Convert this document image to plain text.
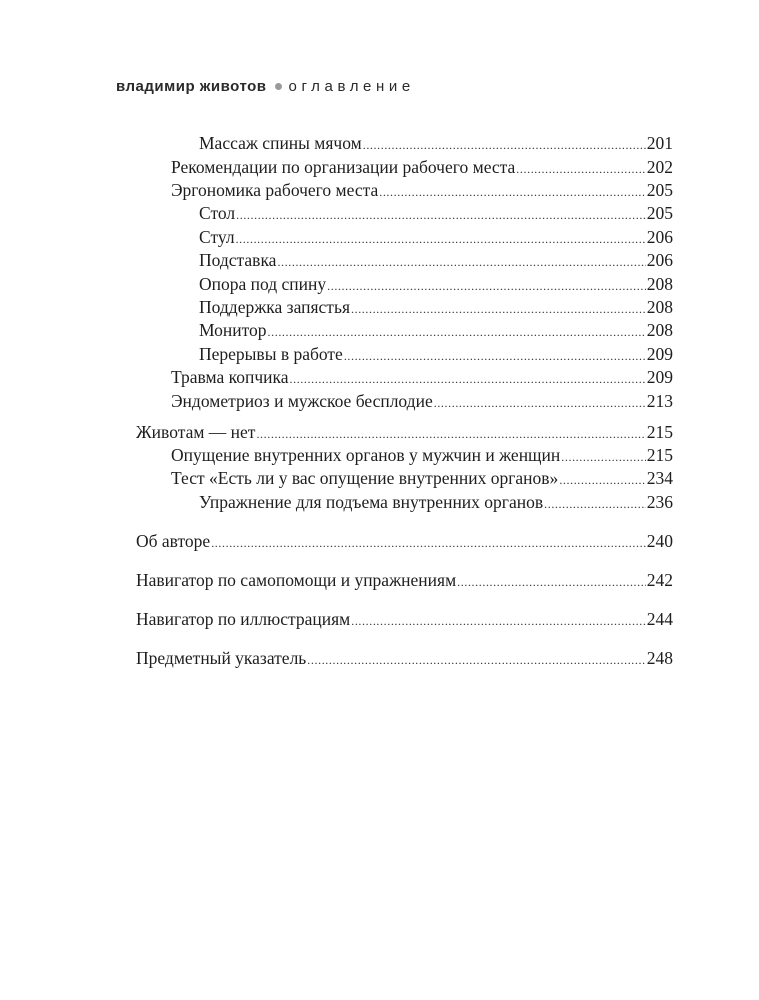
владимир животов оглавление
Массаж спины мячом .....	201
Рекомендации по организации рабочего места .....	202
Эргономика рабочего места .....	205
Стол .....	205
Стул .....	206
Подставка .....	206
Опора под спину .....	208
Поддержка запястья .....	208
Монитор .....	208
Перерывы в работе .....	209
Травма копчика .....	209
Эндометриоз и мужское бесплодие .....	213
Животам — нет .....	215
Опущение внутренних органов у мужчин и женщин .....	215
Тест «Есть ли у вас опущение внутренних органов» .....	234
Упражнение для подъема внутренних органов .....	236
Об авторе .....	240
Навигатор по самопомощи и упражнениям .....	242
Навигатор по иллюстрациям .....	244
Предметный указатель .....	248
